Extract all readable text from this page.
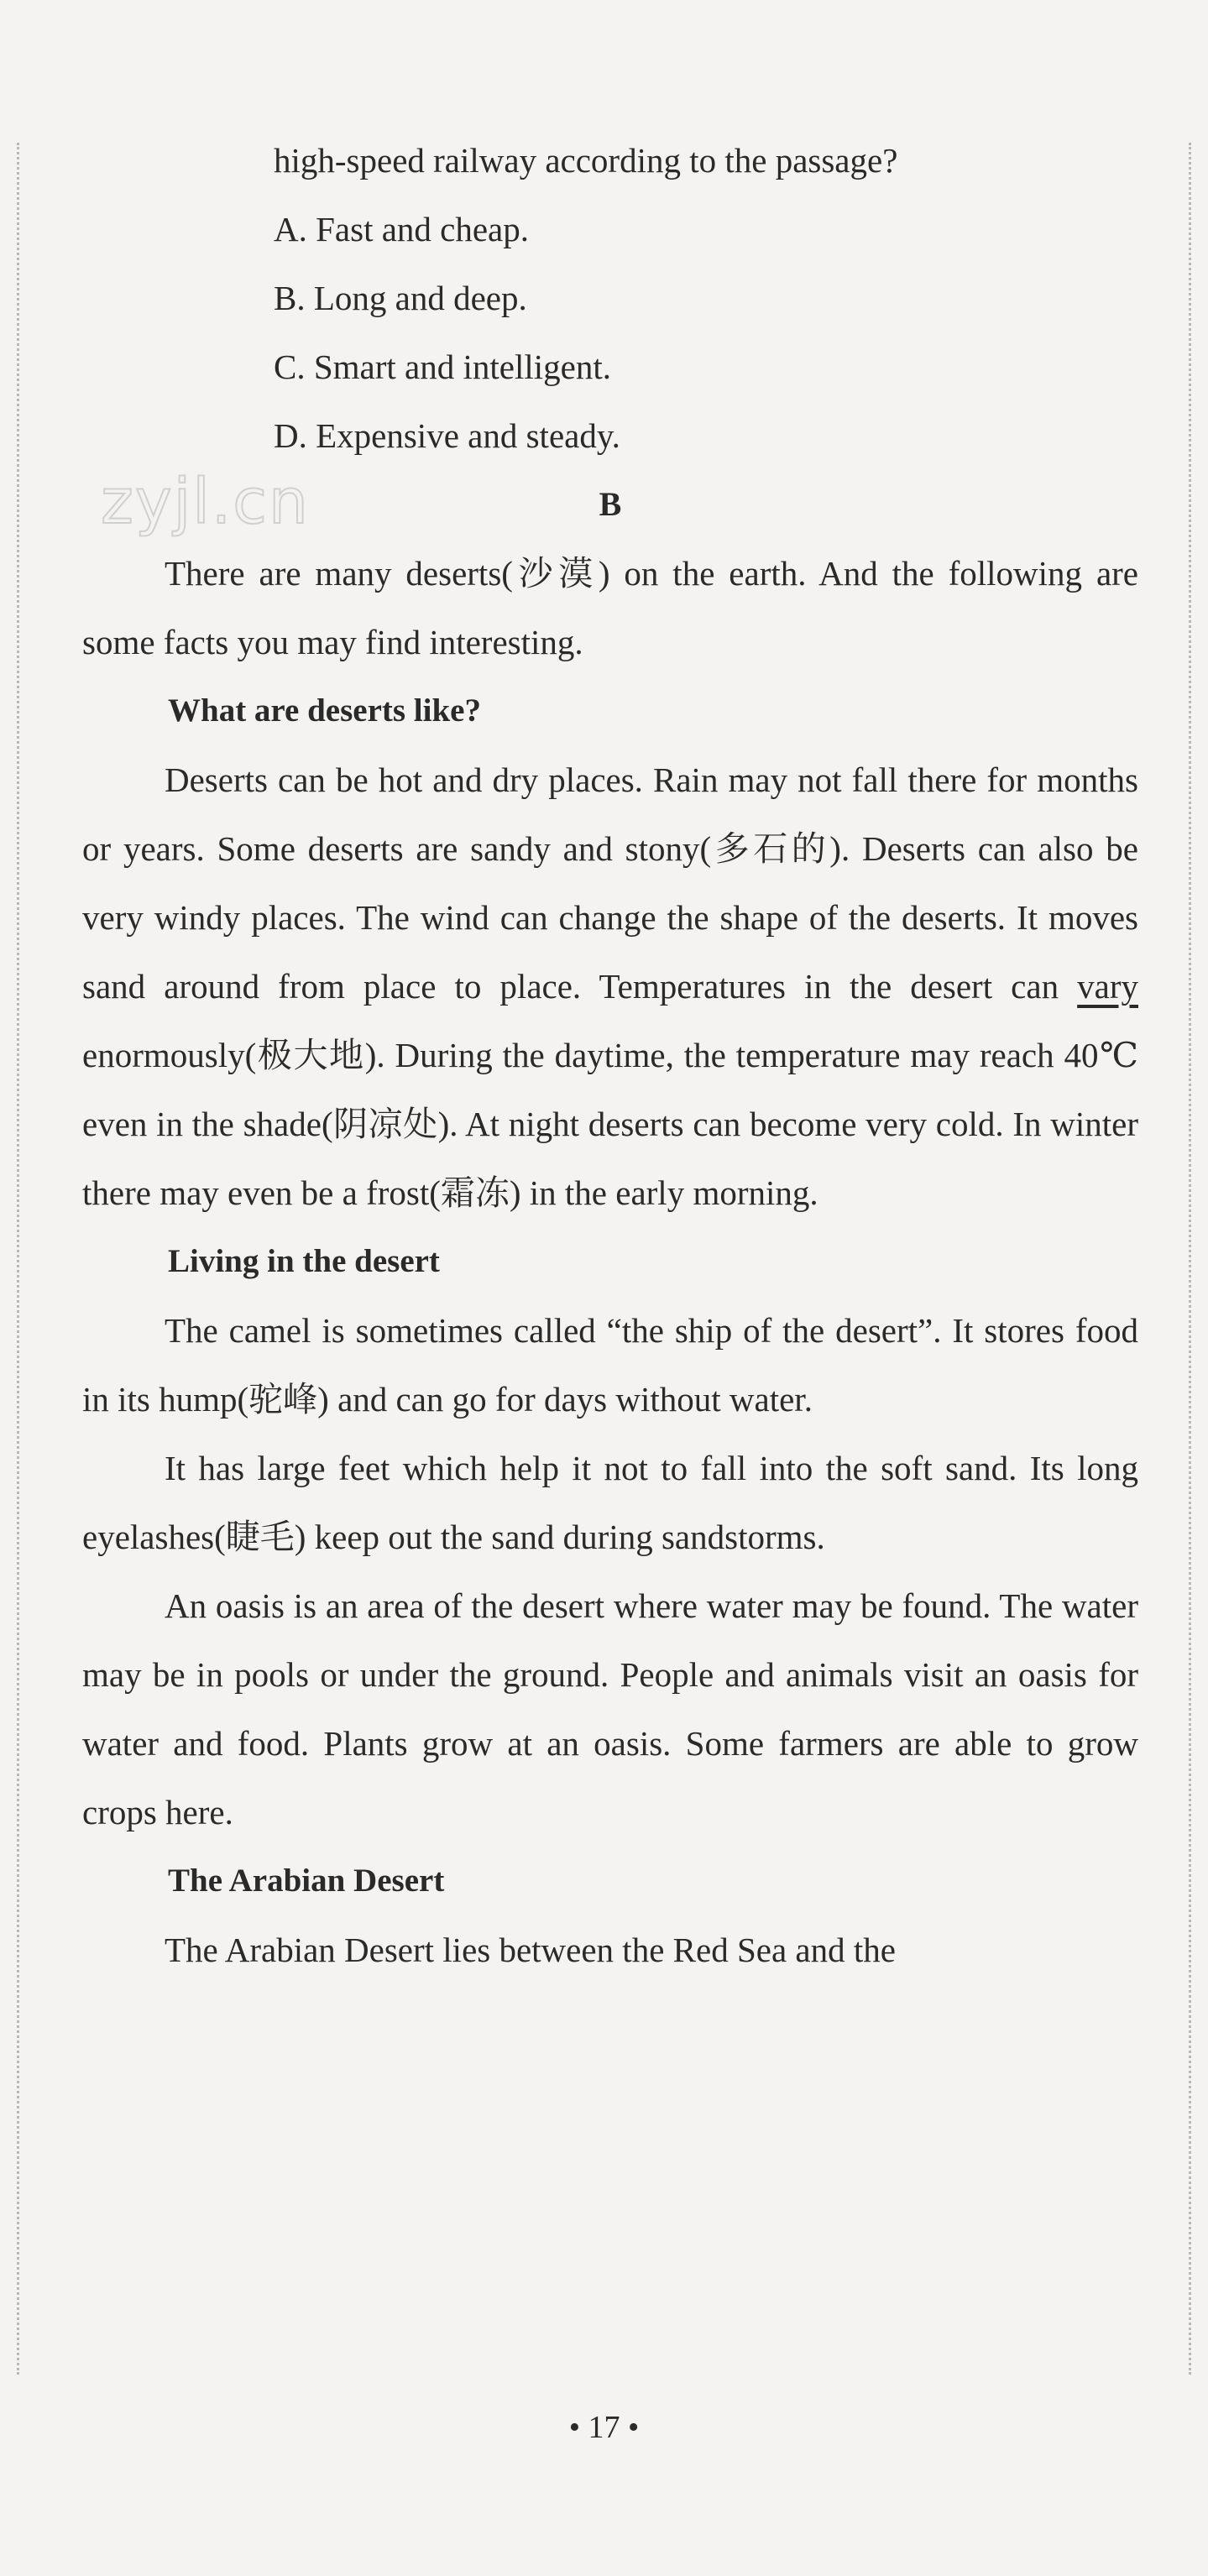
zyjl.cn
high-speed railway according to the passage?
A. Fast and cheap.
B. Long and deep.
C. Smart and intelligent.
D. Expensive and steady.
B

There are many deserts(沙漠) on the earth. And the following are some facts you may find interesting.

What are deserts like?

Deserts can be hot and dry places. Rain may not fall there for months or years. Some deserts are sandy and stony(多石的). Deserts can also be very windy places. The wind can change the shape of the deserts. It moves sand around from place to place. Temperatures in the desert can vary enormously(极大地). During the daytime, the temperature may reach 40℃ even in the shade(阴凉处). At night deserts can become very cold. In winter there may even be a frost(霜冻) in the early morning.

Living in the desert

The camel is sometimes called “the ship of the desert”. It stores food in its hump(驼峰) and can go for days without water.

It has large feet which help it not to fall into the soft sand. Its long eyelashes(睫毛) keep out the sand during sandstorms.

An oasis is an area of the desert where water may be found. The water may be in pools or under the ground. People and animals visit an oasis for water and food. Plants grow at an oasis. Some farmers are able to grow crops here.

The Arabian Desert

The Arabian Desert lies between the Red Sea and the

• 17 •
